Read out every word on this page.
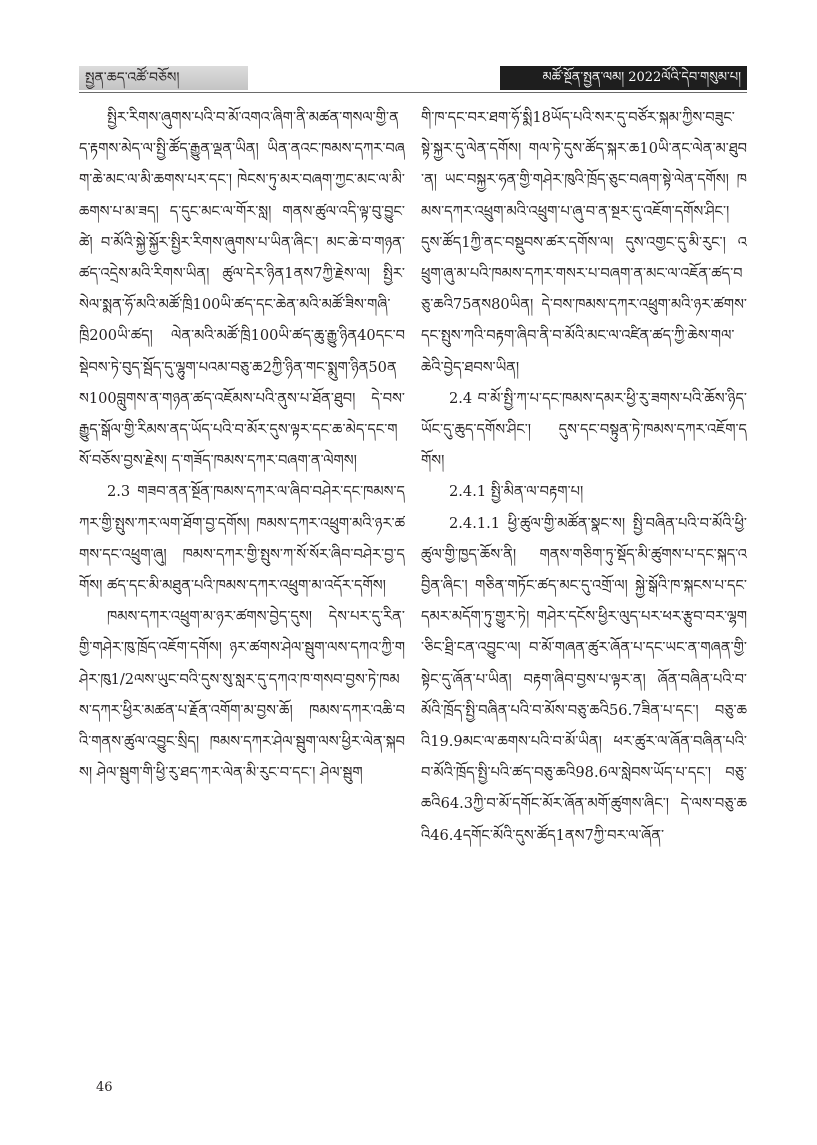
སྤྱན་ཆད་འཚོ་བཅོས།	མཚོ་སྔོན་སྤྱན་ལམ། 2022ལོའི་དེབ་གསུམ་པ།

སྤྱིར་རིགས་ཞུགས་པའི་བ་མོ་འགའ་ཞིག་ནི་མཚན་གསལ་གྱི་ནད་རྟགས་མེད་ལ་སྤྱི་ཚོད་རྒྱུན་ལྡན་ཡིན། ཡིན་ནའང་ཁམས་དཀར་བཞག་ཆེ་མང་ལ་མི་ཆགས་པར་དང་། ཁེངས་ཏུ་མར་བཞག་ཀྱང་མང་ལ་མི་ཆགས་པ་མ་ཟད། ད་དུང་མང་ལ་གོར་སླ། གནས་ཚུལ་འདི་ལྟ་བུ་བྱུང་ཚེ། བ་མོའི་སྐྱེ་སྐྱོར་སྤྱིར་རིགས་ཞུགས་པ་ཡིན་ཞིང་། མང་ཆེ་བ་གཉན་ཚད་འདྲེས་མའི་རིགས་ཡིན། ཚུལ་དེར་ཉིན1ནས7ཀྱི་རྗེས་ལ། སྤྱིར་སེལ་སྨན་ཧོ་མའི་མཚོ་ཁྲི100ཡི་ཚད་དང་ཆེན་མའི་མཚོ་ཟིས་གཞི་ཁྲི200ཡི་ཚད། ལེན་མའི་མཚོ་ཁྲི100ཡི་ཚད་ཆུ་རྒྱུ་ཉིན40དང་བསྡེབས་ཏེ་བུད་སྦོད་དུ་ལྷུག་པའམ་བཅུ་ཆ2ཀྱི་ཉིན་གང་སྨུག་ཉིན50ནས100བླུགས་ན་གཉན་ཚད་འཇོམས་པའི་ནུས་པ་ཐོན་ཐུབ། དེ་བས་རྒྱུད་སྒོལ་གྱི་རིམས་ནད་ཡོད་པའི་བ་མོར་དུས་ལྟར་དང་ཆ་མེད་དང་གསོ་བཅོས་བྱས་རྗེས། ད་གཟོད་ཁམས་དཀར་བཞག་ན་ལེགས།

2.3 གཟབ་ནན་སྔོན་ཁམས་དཀར་ལ་ཞིབ་བཤེར་དང་ཁམས་དཀར་གྱི་སྤུས་ཀར་ལག་ཐོག་བྱ་དགོས། ཁམས་དཀར་འཕྲུག་མའི་ཉར་ཚགས་དང་འཕྲུག་ཞུ། ཁམས་དཀར་གྱི་སྤུས་ཀ་སོ་སོར་ཞིབ་བཤེར་བྱ་དགོས། ཚད་དང་མི་མཐུན་པའི་ཁམས་དཀར་འཕྲུག་མ་འདོར་དགོས།

ཁམས་དཀར་འཕྲུག་མ་ཉར་ཚགས་བྱེད་དུས། དེས་པར་དུ་རིན་གྱི་གཤེར་ཁུ་ཁྲོད་འཇོག་དགོས། ཉར་ཚགས་ཤེལ་སྦུག་ལས་དཀའ་ཀྱི་གཤེར་ཁུ1/2ལས་ཡུང་བའི་དུས་སུ་སླར་དུ་དཀའ་ཁ་གསབ་བྱས་ཏེ་ཁམས་དཀར་ཕྱིར་མཚན་པ་རྗོན་འགོག་མ་བྱས་ཆོ། ཁམས་དཀར་འཆི་བའི་གནས་ཚུལ་འབྱུང་སྲིད། ཁམས་དཀར་ཤེལ་སྦུག་ལས་ཕྱིར་ལེན་སྐབས། ཤེལ་སྦུག་གི་ཕྱི་རུ་ཐད་ཀར་ལེན་མི་རུང་བ་དང་། ཤེལ་སྦུག

གི་ཁ་དང་བར་ཐག་ཧོ་སྨི18ཡོད་པའི་སར་དུ་བཙོར་སྐམ་ཀྱིས་བཟུང་སྟེ་སྐྱར་དུ་ལེན་དགོས། གལ་ཏེ་དུས་ཚོད་སྐར་ཆ10ཡི་ནང་ལེན་མ་ཐུབ་ན། ཡང་བསྐྱར་ཧན་གྱི་གཤེར་ཁུའི་ཁྲོད་ཅུང་བཞག་སྟེ་ལེན་དགོས། ཁམས་དཀར་འཕྲུག་མའི་འཕྲུག་པ་ཞུ་བ་ན་སྔར་དུ་འཇོག་དགོས་ཤིང་། དུས་ཚོད1ཀྱི་ནང་བསྡུབས་ཚར་དགོས་ལ། དུས་འགྱང་དུ་མི་རུང་། འཕྲུག་ཞུ་མ་པའི་ཁམས་དཀར་གསར་པ་བཞག་ན་མང་ལ་འཇོན་ཚད་བཅུ་ཆའི75ནས80ཡིན། དེ་བས་ཁམས་དཀར་འཕྲུག་མའི་ཉར་ཚགས་དང་སྤུས་ཀའི་བརྟག་ཞིབ་ནི་བ་མོའི་མང་ལ་འཛིན་ཚད་ཀྱི་ཆེས་གལ་ཆེའི་བྱེད་ཐབས་ཡིན།

2.4 བ་མོ་སྤྱི་ཀ་པ་དང་ཁམས་དམར་ཕྱི་རུ་ཟགས་པའི་ཆོས་ཉིད་ཡོང་དུ་ཆུད་དགོས་ཤིང་། དུས་དང་བསྟུན་ཏེ་ཁམས་དཀར་འཇོག་དགོས།

2.4.1 སྤྱི་མིན་ལ་བརྟག་པ།

2.4.1.1 ཕྱི་ཚུལ་གྱི་མཚོན་སྣང་ས། སྤྱི་བཞིན་པའི་བ་མོའི་ཕྱི་ཚུལ་གྱི་ཁྱད་ཆོས་ནི། གནས་གཅིག་ཏུ་སྡོད་མི་ཚུགས་པ་དང་སྐད་འབྱིན་ཞིང་། གཅིན་གཏོང་ཚད་མང་དུ་འགྲོ་ལ། སྐྱེ་སྒོའི་ཁ་སྐངས་པ་དང་དམར་མདོག་ཏུ་གྱུར་ཏེ། གཤེར་དངོས་ཕྱིར་ལུད་པར་ཕར་རྩུབ་བར་ལྷག་ཅིང་ཐྲི་ངན་འབྱུང་ལ། བ་མོ་གཞན་ཚུར་ཞོན་པ་དང་ཡང་ན་གཞན་གྱི་སྟེང་དུ་ཞོན་པ་ཡིན། བརྟག་ཞིབ་བྱས་པ་ལྟར་ན། ཞོན་བཞིན་པའི་བ་མོའི་ཁྲོད་སྤྱི་བཞིན་པའི་བ་མོས་བཅུ་ཆའི56.7ཟིན་པ་དང་། བཅུ་ཆའི19.9མང་ལ་ཆགས་པའི་བ་མོ་ཡིན། ཕར་ཚུར་ལ་ཞོན་བཞིན་པའི་བ་མོའི་ཁྲོད་སྤྱི་པའི་ཚད་བཅུ་ཆའི98.6ལ་སླེབས་ཡོད་པ་དང་། བཅུ་ཆའི64.3ཀྱི་བ་མོ་དགོང་མོར་ཞོན་མགོ་ཚུགས་ཞིང་། དེ་ལས་བཅུ་ཆའི46.4དགོང་མོའི་དུས་ཚོད1ནས7ཀྱི་བར་ལ་ཞོན་

46
